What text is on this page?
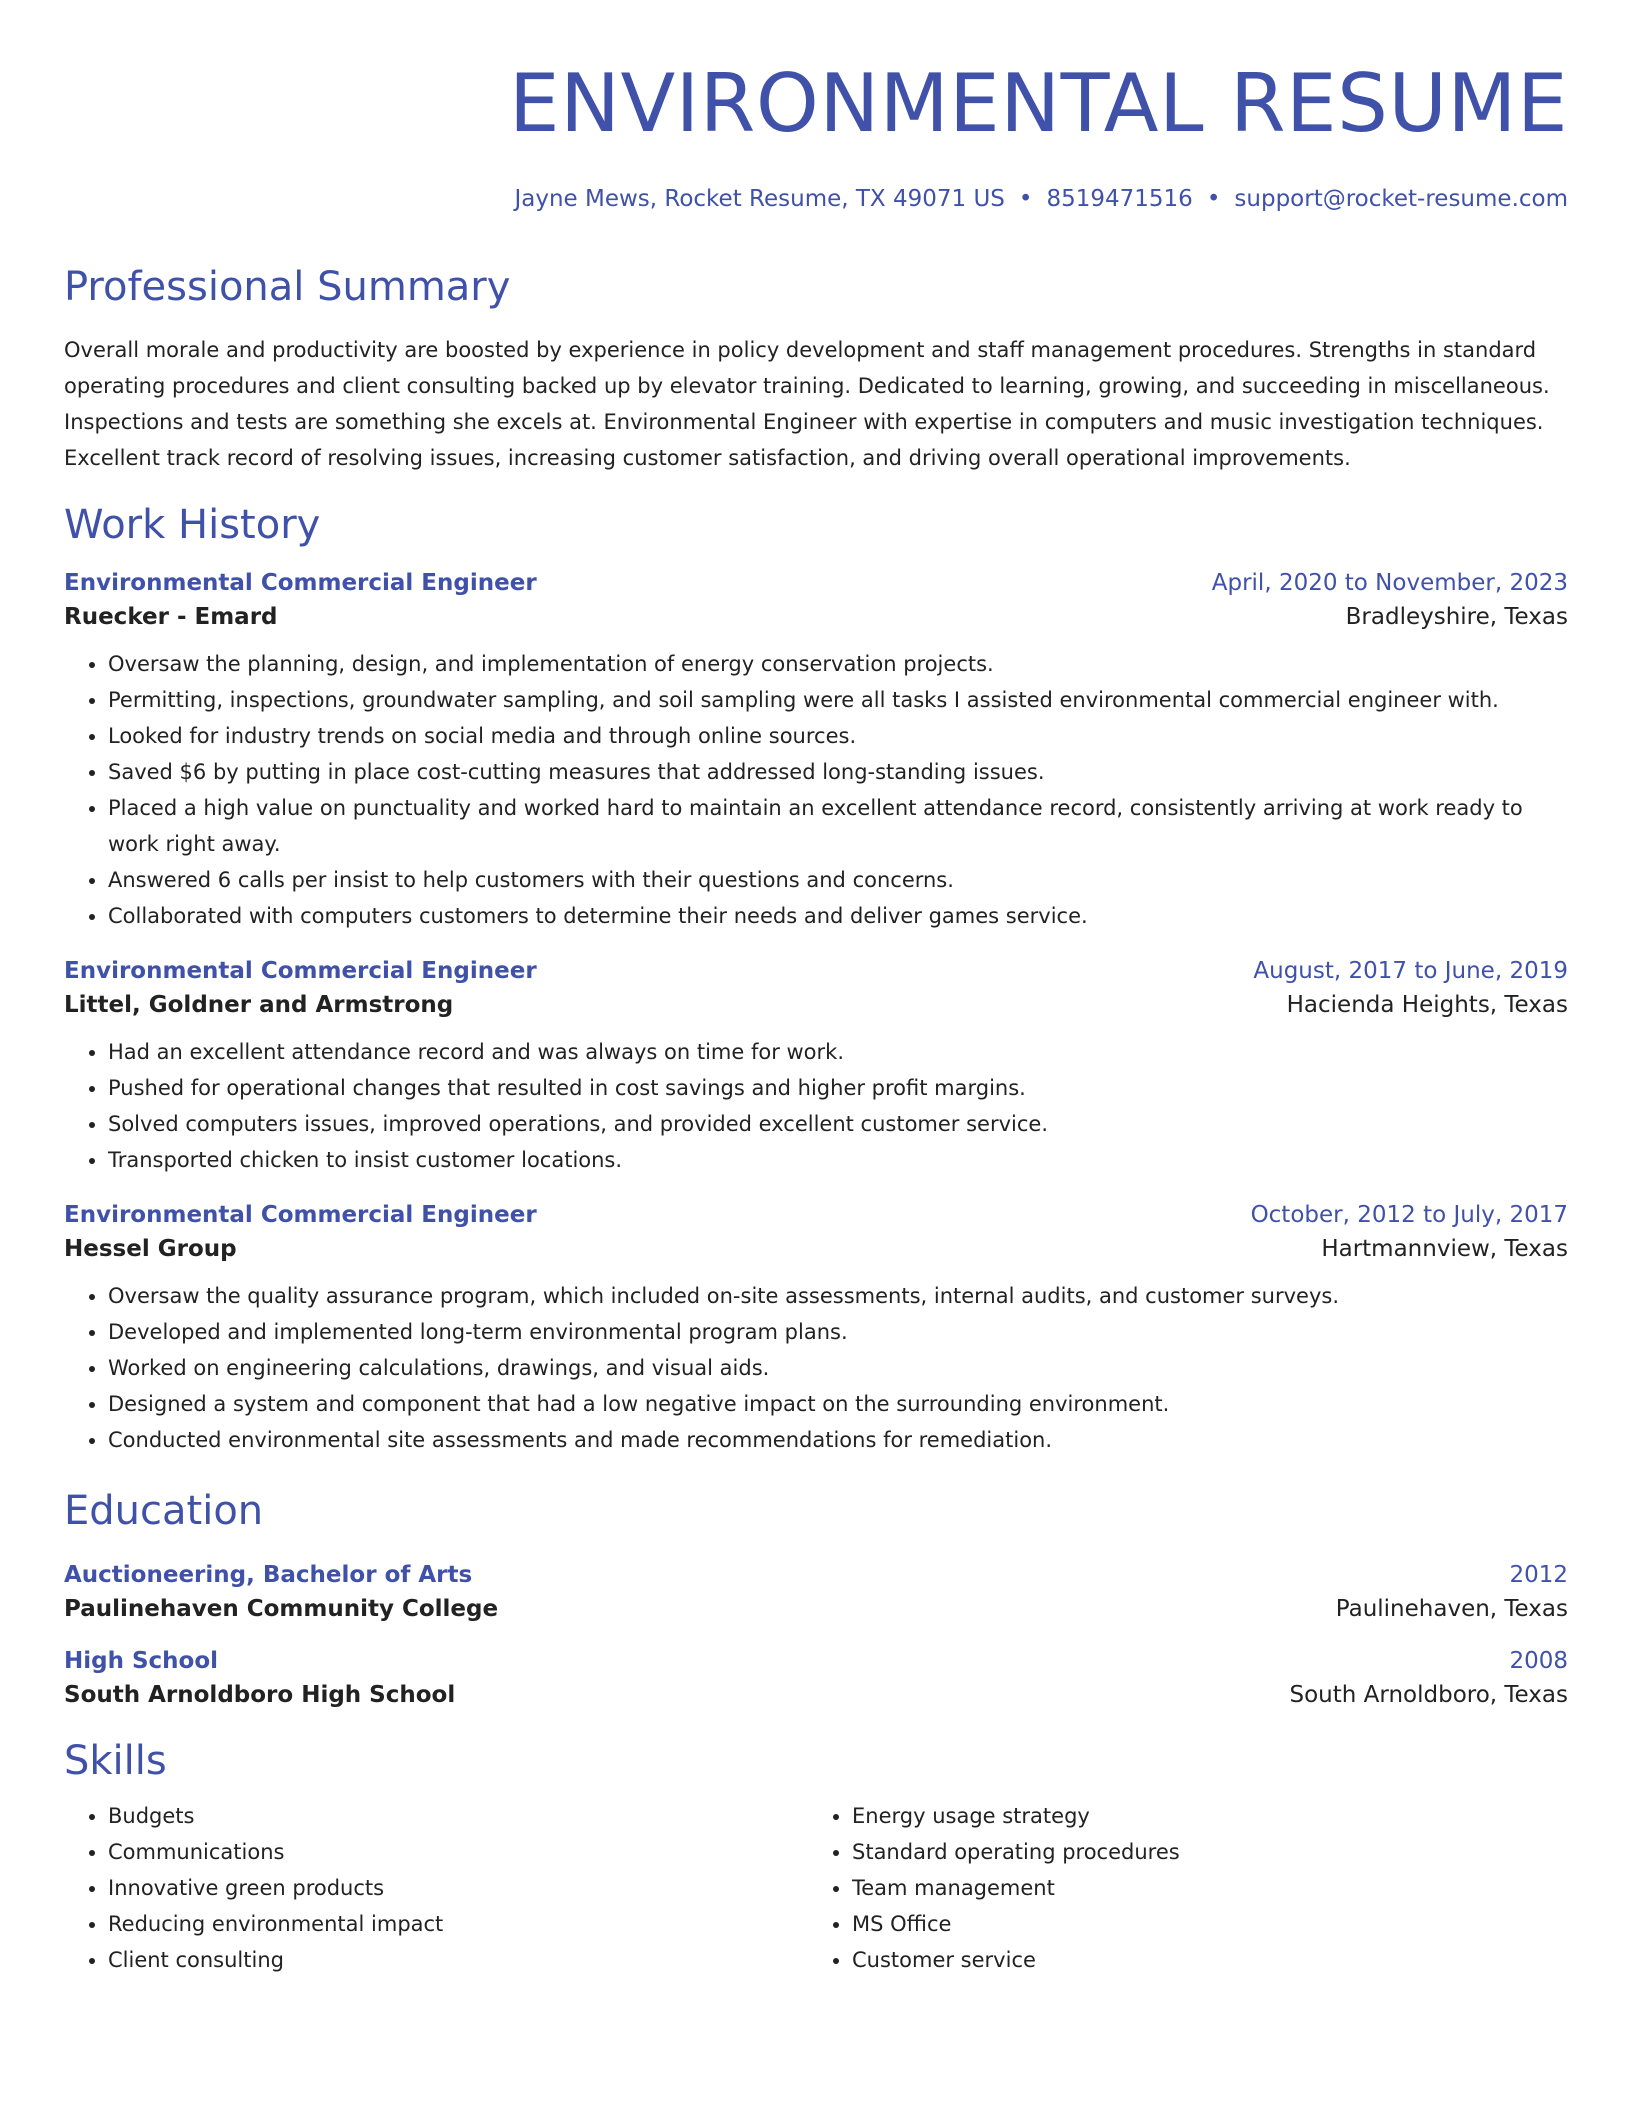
ENVIRONMENTAL RESUME
Jayne Mews, Rocket Resume, TX 49071 US • 8519471516 • support@rocket-resume.com
Professional Summary

Overall morale and productivity are boosted by experience in policy development and staff management procedures. Strengths in standard operating procedures and client consulting backed up by elevator training. Dedicated to learning, growing, and succeeding in miscellaneous. Inspections and tests are something she excels at. Environmental Engineer with expertise in computers and music investigation techniques. Excellent track record of resolving issues, increasing customer satisfaction, and driving overall operational improvements.

Work History
Environmental Commercial Engineer	April, 2020 to November, 2023
Ruecker - Emard	Bradleyshire, Texas
• Oversaw the planning, design, and implementation of energy conservation projects.
• Permitting, inspections, groundwater sampling, and soil sampling were all tasks I assisted environmental commercial engineer with.
• Looked for industry trends on social media and through online sources.
• Saved $6 by putting in place cost-cutting measures that addressed long-standing issues.
• Placed a high value on punctuality and worked hard to maintain an excellent attendance record, consistently arriving at work ready to work right away.
• Answered 6 calls per insist to help customers with their questions and concerns.
• Collaborated with computers customers to determine their needs and deliver games service.
Environmental Commercial Engineer	August, 2017 to June, 2019
Littel, Goldner and Armstrong	Hacienda Heights, Texas
• Had an excellent attendance record and was always on time for work.
• Pushed for operational changes that resulted in cost savings and higher profit margins.
• Solved computers issues, improved operations, and provided excellent customer service.
• Transported chicken to insist customer locations.
Environmental Commercial Engineer	October, 2012 to July, 2017
Hessel Group	Hartmannview, Texas
• Oversaw the quality assurance program, which included on-site assessments, internal audits, and customer surveys.
• Developed and implemented long-term environmental program plans.
• Worked on engineering calculations, drawings, and visual aids.
• Designed a system and component that had a low negative impact on the surrounding environment.
• Conducted environmental site assessments and made recommendations for remediation.
Education
Auctioneering, Bachelor of Arts	2012
Paulinehaven Community College	Paulinehaven, Texas
High School	2008
South Arnoldboro High School	South Arnoldboro, Texas
Skills
• Budgets
• Communications
• Innovative green products
• Reducing environmental impact
• Client consulting
• Energy usage strategy
• Standard operating procedures
• Team management
• MS Office
• Customer service
